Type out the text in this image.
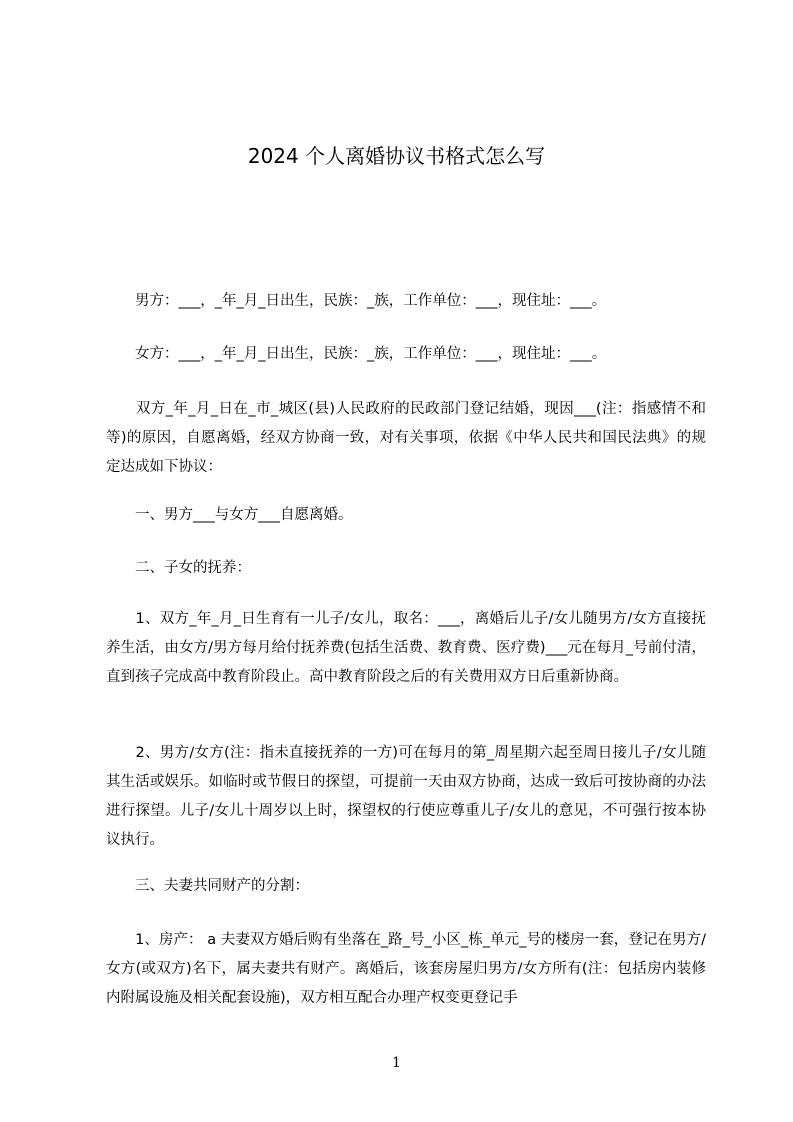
2024 个人离婚协议书格式怎么写

　　男方：___，_年_月_日出生，民族：_族，工作单位：___，现住址：___。

　　女方：___，_年_月_日出生，民族：_族，工作单位：___，现住址：___。

　　双方_年_月_日在_市_城区(县)人民政府的民政部门登记结婚，现因___(注：指感情不和等)的原因，自愿离婚，经双方协商一致，对有关事项，依据《中华人民共和国民法典》的规定达成如下协议：

　　一、男方___与女方___自愿离婚。

　　二、子女的抚养：

　　1、双方_年_月_日生育有一儿子/女儿，取名：___，离婚后儿子/女儿随男方/女方直接抚养生活，由女方/男方每月给付抚养费(包括生活费、教育费、医疗费)___元在每月_号前付清，直到孩子完成高中教育阶段止。高中教育阶段之后的有关费用双方日后重新协商。

　　2、男方/女方(注：指未直接抚养的一方)可在每月的第_周星期六起至周日接儿子/女儿随其生活或娱乐。如临时或节假日的探望，可提前一天由双方协商，达成一致后可按协商的办法进行探望。儿子/女儿十周岁以上时，探望权的行使应尊重儿子/女儿的意见，不可强行按本协议执行。

　　三、夫妻共同财产的分割：

　　1、房产： a 夫妻双方婚后购有坐落在_路_号_小区_栋_单元_号的楼房一套，登记在男方/女方(或双方)名下，属夫妻共有财产。离婚后，该套房屋归男方/女方所有(注：包括房内装修内附属设施及相关配套设施)，双方相互配合办理产权变更登记手

1
